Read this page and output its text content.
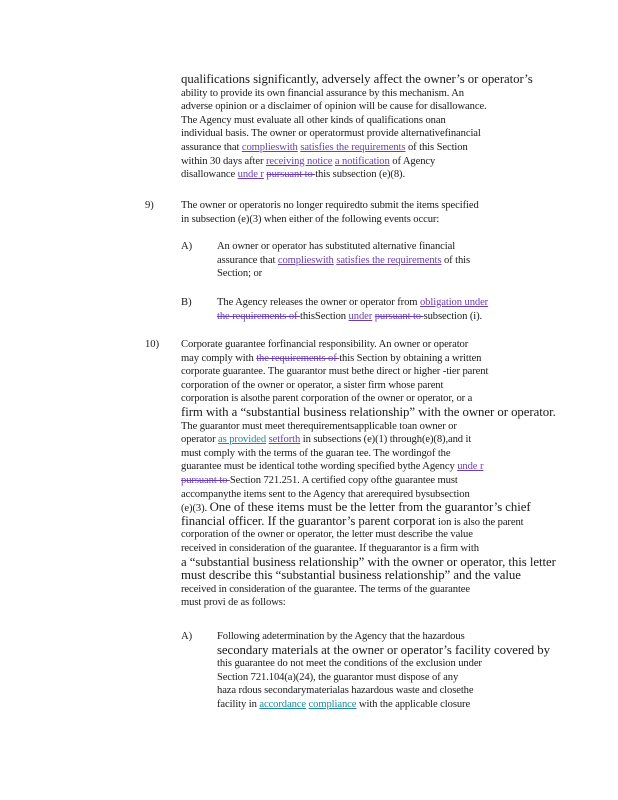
qualifications significantly, adversely affect the owner’s or operator’s
ability to provide its own financial assurance by this mechanism. An
adverse opinion or a disclaimer of opinion will be cause for disallowance.
The Agency must evaluate all other kinds of qualifications onan
individual basis. The owner or operatormust provide alternativefinancial
assurance that complieswith satisfies the requirements of this Section
within 30 days after receiving notice a notification of Agency
disallowance unde r pursuant to this subsection (e)(8).
9)	The owner or operatoris no longer requiredto submit the items specified
in subsection (e)(3) when either of the following events occur:
A) An owner or operator has substituted alternative financial
assurance that complieswith satisfies the requirements of this
Section; or
B) The Agency releases the owner or operator from obligation under
the requirements of thisSection under pursuant to subsection (i).
10) Corporate guarantee forfinancial responsibility. An owner or operator
may comply with the requirements of this Section by obtaining a written
corporate guarantee. The guarantor must bethe direct or higher -tier parent
corporation of the owner or operator, a sister firm whose parent
corporation is alsothe parent corporation of the owner or operator, or a
firm with a “substantial business relationship” with the owner or operator.
The guarantor must meet therequirementsapplicable toan owner or
operator as provided setforth in subsections (e)(1) through(e)(8),and it
must comply with the terms of the guaran tee. The wordingof the
guarantee must be identical tothe wording specified bythe Agency unde r
pursuant to Section 721.251. A certified copy ofthe guarantee must
accompanythe items sent to the Agency that arerequired bysubsection
(e)(3). One of these items must be the letter from the guarantor’s chief
financial officer. If the guarantor’s parent corporat ion is also the parent
corporation of the owner or operator, the letter must describe the value
received in consideration of the guarantee. If theguarantor is a firm with
a “substantial business relationship” with the owner or operator, this letter
must describe this “substantial business relationship” and the value
received in consideration of the guarantee. The terms of the guarantee
must provi de as follows:
A) Following adetermination by the Agency that the hazardous
secondary materials at the owner or operator’s facility covered by
this guarantee do not meet the conditions of the exclusion under
Section 721.104(a)(24), the guarantor must dispose of any
haza rdous secondarymaterialas hazardous waste and closethe
facility in accordance compliance with the applicable closure
